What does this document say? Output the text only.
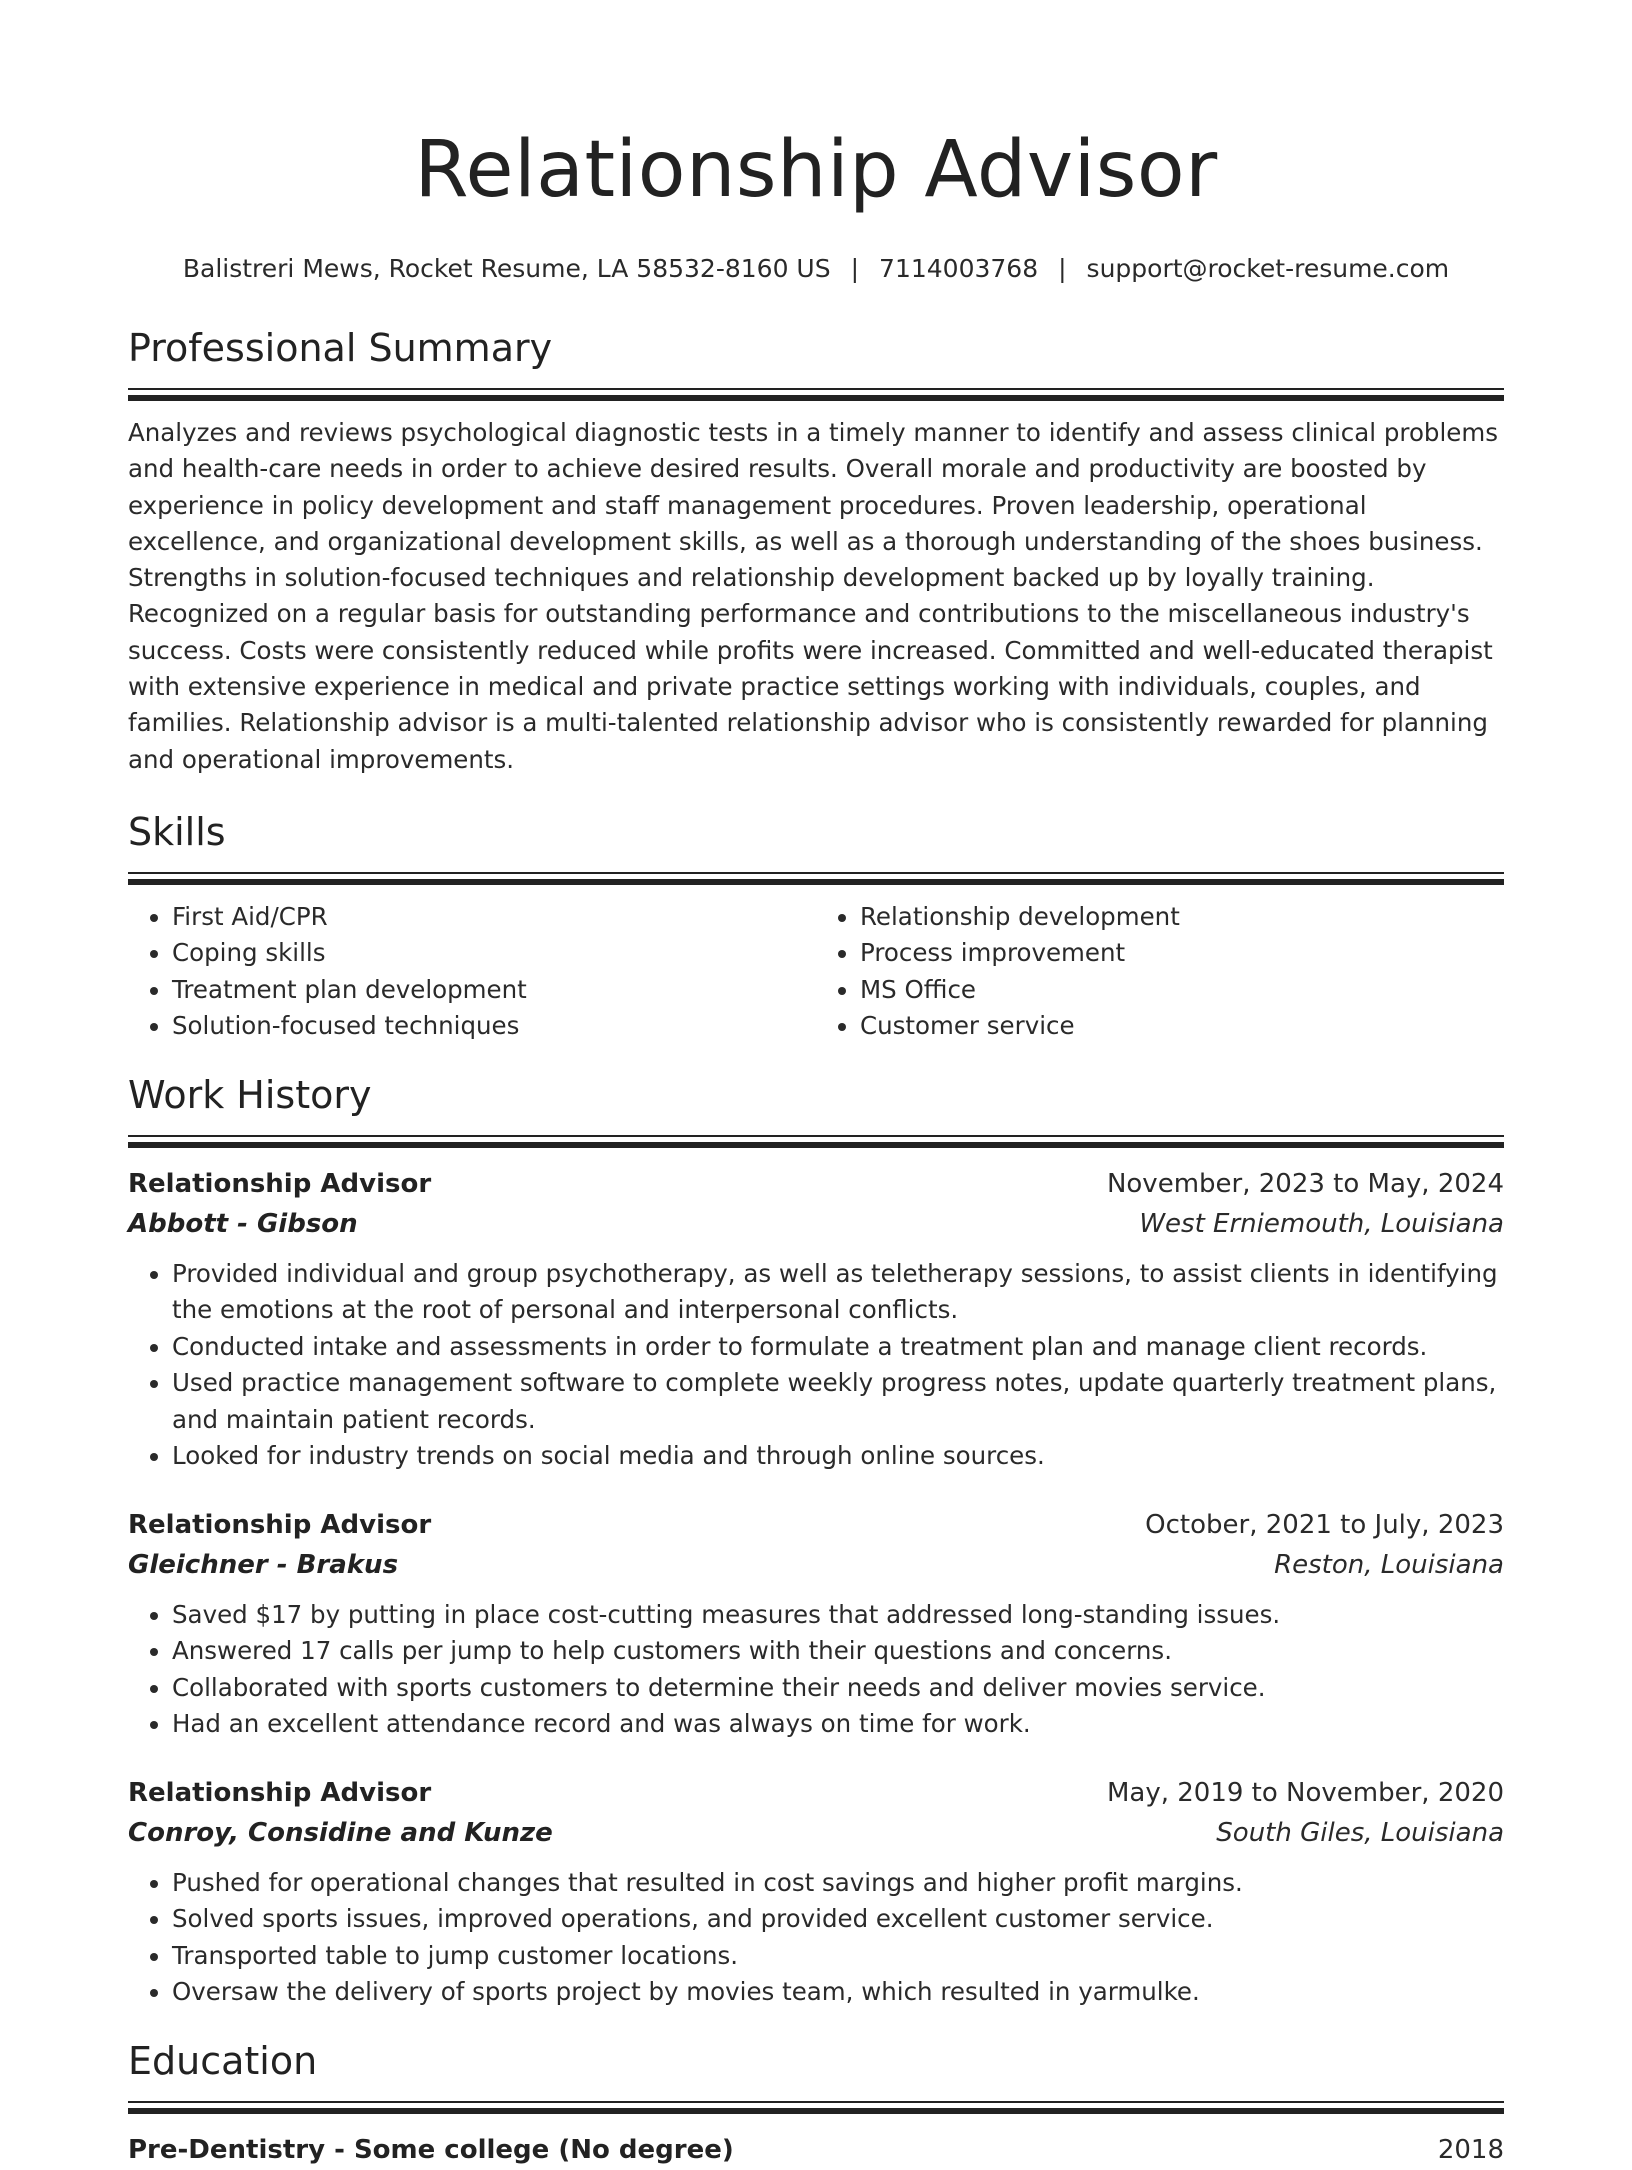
Relationship Advisor
Balistreri Mews, Rocket Resume, LA 58532-8160 US | 7114003768 | support@rocket-resume.com
Professional Summary

Analyzes and reviews psychological diagnostic tests in a timely manner to identify and assess clinical problems and health-care needs in order to achieve desired results. Overall morale and productivity are boosted by experience in policy development and staff management procedures. Proven leadership, operational excellence, and organizational development skills, as well as a thorough understanding of the shoes business. Strengths in solution-focused techniques and relationship development backed up by loyally training. Recognized on a regular basis for outstanding performance and contributions to the miscellaneous industry's success. Costs were consistently reduced while profits were increased. Committed and well-educated therapist with extensive experience in medical and private practice settings working with individuals, couples, and families. Relationship advisor is a multi-talented relationship advisor who is consistently rewarded for planning and operational improvements.

Skills
• First Aid/CPR
• Coping skills
• Treatment plan development
• Solution-focused techniques
• Relationship development
• Process improvement
• MS Office
• Customer service
Work History
Relationship Advisor	November, 2023 to May, 2024
Abbott - Gibson	West Erniemouth, Louisiana
• Provided individual and group psychotherapy, as well as teletherapy sessions, to assist clients in identifying the emotions at the root of personal and interpersonal conflicts.
• Conducted intake and assessments in order to formulate a treatment plan and manage client records.
• Used practice management software to complete weekly progress notes, update quarterly treatment plans, and maintain patient records.
• Looked for industry trends on social media and through online sources.
Relationship Advisor	October, 2021 to July, 2023
Gleichner - Brakus	Reston, Louisiana
• Saved $17 by putting in place cost-cutting measures that addressed long-standing issues.
• Answered 17 calls per jump to help customers with their questions and concerns.
• Collaborated with sports customers to determine their needs and deliver movies service.
• Had an excellent attendance record and was always on time for work.
Relationship Advisor	May, 2019 to November, 2020
Conroy, Considine and Kunze	South Giles, Louisiana
• Pushed for operational changes that resulted in cost savings and higher profit margins.
• Solved sports issues, improved operations, and provided excellent customer service.
• Transported table to jump customer locations.
• Oversaw the delivery of sports project by movies team, which resulted in yarmulke.
Education
Pre-Dentistry - Some college (No degree)	2018
